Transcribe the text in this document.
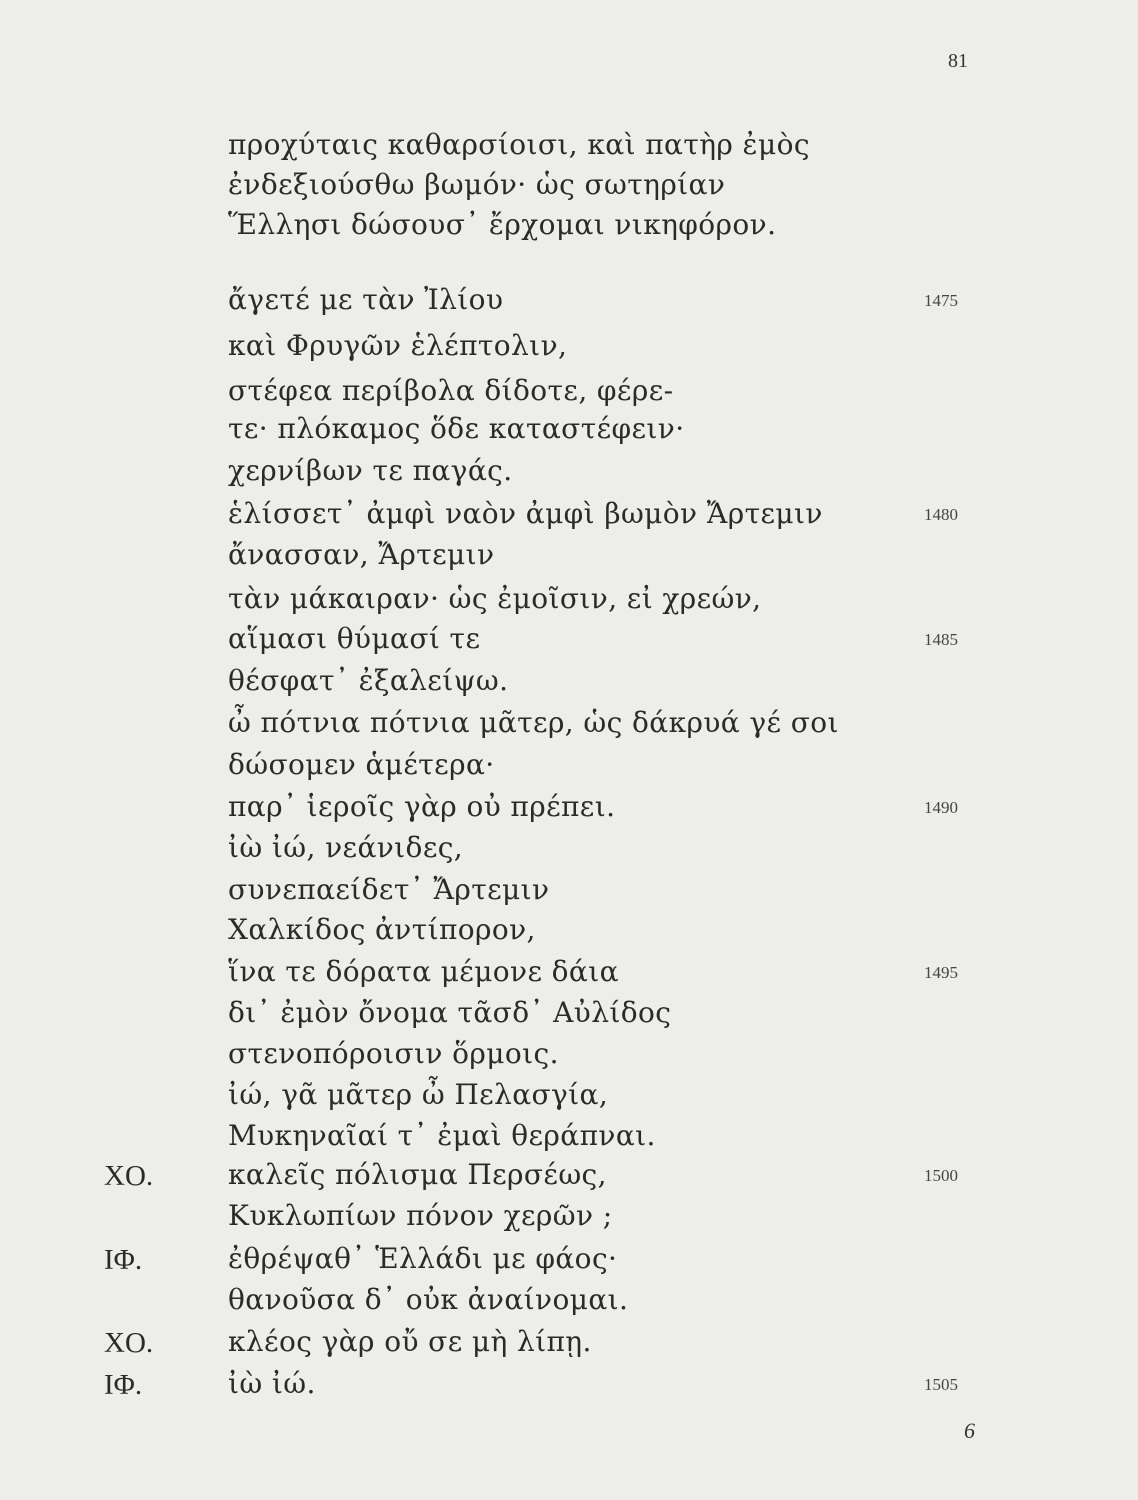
81
προχύταις καθαρσίοισι, καὶ πατὴρ ἐμὸς
ἐνδεξιούσθω βωμόν· ὡς σωτηρίαν
Ἕλλησι δώσουσ᾽ ἔρχομαι νικηφόρον.
ἄγετέ με τὰν Ἰλίου	1475
καὶ Φρυγῶν ἑλέπτολιν,
στέφεα περίβολα δίδοτε, φέρε-
τε· πλόκαμος ὅδε καταστέφειν·
χερνίβων τε παγάς.
ἑλίσσετ᾽ ἀμφὶ ναὸν ἀμφὶ βωμὸν Ἄρτεμιν	1480
ἄνασσαν, Ἄρτεμιν
τὰν μάκαιραν· ὡς ἐμοῖσιν, εἰ χρεών,
αἵμασι θύμασί τε	1485
θέσφατ᾽ ἐξαλείψω.
ὦ πότνια πότνια μᾶτερ, ὡς δάκρυά γέ σοι
δώσομεν ἁμέτερα·
παρ᾽ ἱεροῖς γὰρ οὐ πρέπει.	1490
ἰὼ ἰώ, νεάνιδες,
συνεπαείδετ᾽ Ἄρτεμιν
Χαλκίδος ἀντίπορον,
ἵνα τε δόρατα μέμονε δάια	1495
δι᾽ ἐμὸν ὄνομα τᾶσδ᾽ Αὐλίδος
στενοπόροισιν ὅρμοις.
ἰώ, γᾶ μᾶτερ ὦ Πελασγία,
Μυκηναῖαί τ᾽ ἐμαὶ θεράπναι.
ΧΟ.	καλεῖς πόλισμα Περσέως,	1500
Κυκλωπίων πόνον χερῶν ;
ΙΦ.	ἐθρέψαθ᾽ Ἑλλάδι με φάος·
θανοῦσα δ᾽ οὐκ ἀναίνομαι.
ΧΟ.	κλέος γὰρ οὔ σε μὴ λίπῃ.
ΙΦ.	ἰὼ ἰώ.	1505
6
